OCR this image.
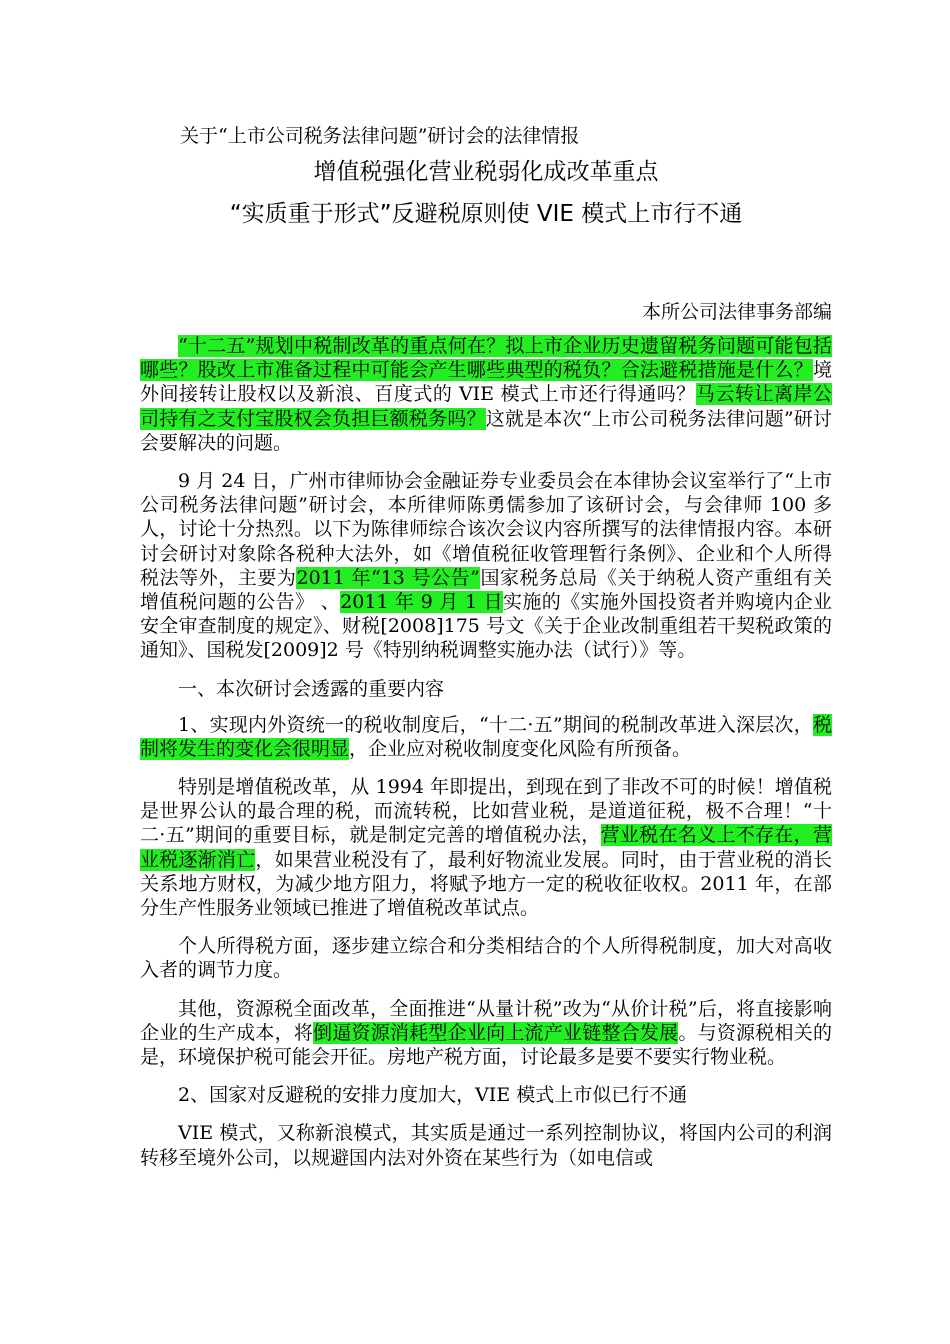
关于“上市公司税务法律问题”研讨会的法律情报
增值税强化营业税弱化成改革重点
“实质重于形式”反避税原则使 VIE 模式上市行不通
本所公司法律事务部编

“十二五”规划中税制改革的重点何在？拟上市企业历史遗留税务问题可能包括哪些？股改上市准备过程中可能会产生哪些典型的税负？合法避税措施是什么？境外间接转让股权以及新浪、百度式的 VIE 模式上市还行得通吗？马云转让离岸公司持有之支付宝股权会负担巨额税务吗？这就是本次“上市公司税务法律问题”研讨会要解决的问题。

9 月 24 日，广州市律师协会金融证券专业委员会在本律协会议室举行了“上市公司税务法律问题”研讨会，本所律师陈勇儒参加了该研讨会，与会律师 100 多人，讨论十分热烈。以下为陈律师综合该次会议内容所撰写的法律情报内容。本研讨会研讨对象除各税种大法外，如《增值税征收管理暂行条例》、企业和个人所得税法等外，主要为2011 年“13 号公告”国家税务总局《关于纳税人资产重组有关增值税问题的公告》 、2011 年 9 月 1 日实施的《实施外国投资者并购境内企业安全审查制度的规定》、财税[2008]175 号文《关于企业改制重组若干契税政策的通知》、国税发[2009]2 号《特别纳税调整实施办法（试行）》等。

一、本次研讨会透露的重要内容

1、实现内外资统一的税收制度后，“十二·五”期间的税制改革进入深层次，税制将发生的变化会很明显，企业应对税收制度变化风险有所预备。

特别是增值税改革，从 1994 年即提出，到现在到了非改不可的时候！增值税是世界公认的最合理的税，而流转税，比如营业税，是道道征税，极不合理！“十二·五”期间的重要目标，就是制定完善的增值税办法，营业税在名义上不存在，营业税逐渐消亡，如果营业税没有了，最利好物流业发展。同时，由于营业税的消长关系地方财权，为减少地方阻力，将赋予地方一定的税收征收权。2011 年，在部分生产性服务业领域已推进了增值税改革试点。

个人所得税方面，逐步建立综合和分类相结合的个人所得税制度，加大对高收入者的调节力度。

其他，资源税全面改革，全面推进“从量计税”改为“从价计税”后，将直接影响企业的生产成本，将倒逼资源消耗型企业向上流产业链整合发展。与资源税相关的是，环境保护税可能会开征。房地产税方面，讨论最多是要不要实行物业税。

2、国家对反避税的安排力度加大，VIE 模式上市似已行不通

VIE 模式，又称新浪模式，其实质是通过一系列控制协议，将国内公司的利润转移至境外公司，以规避国内法对外资在某些行为（如电信或
